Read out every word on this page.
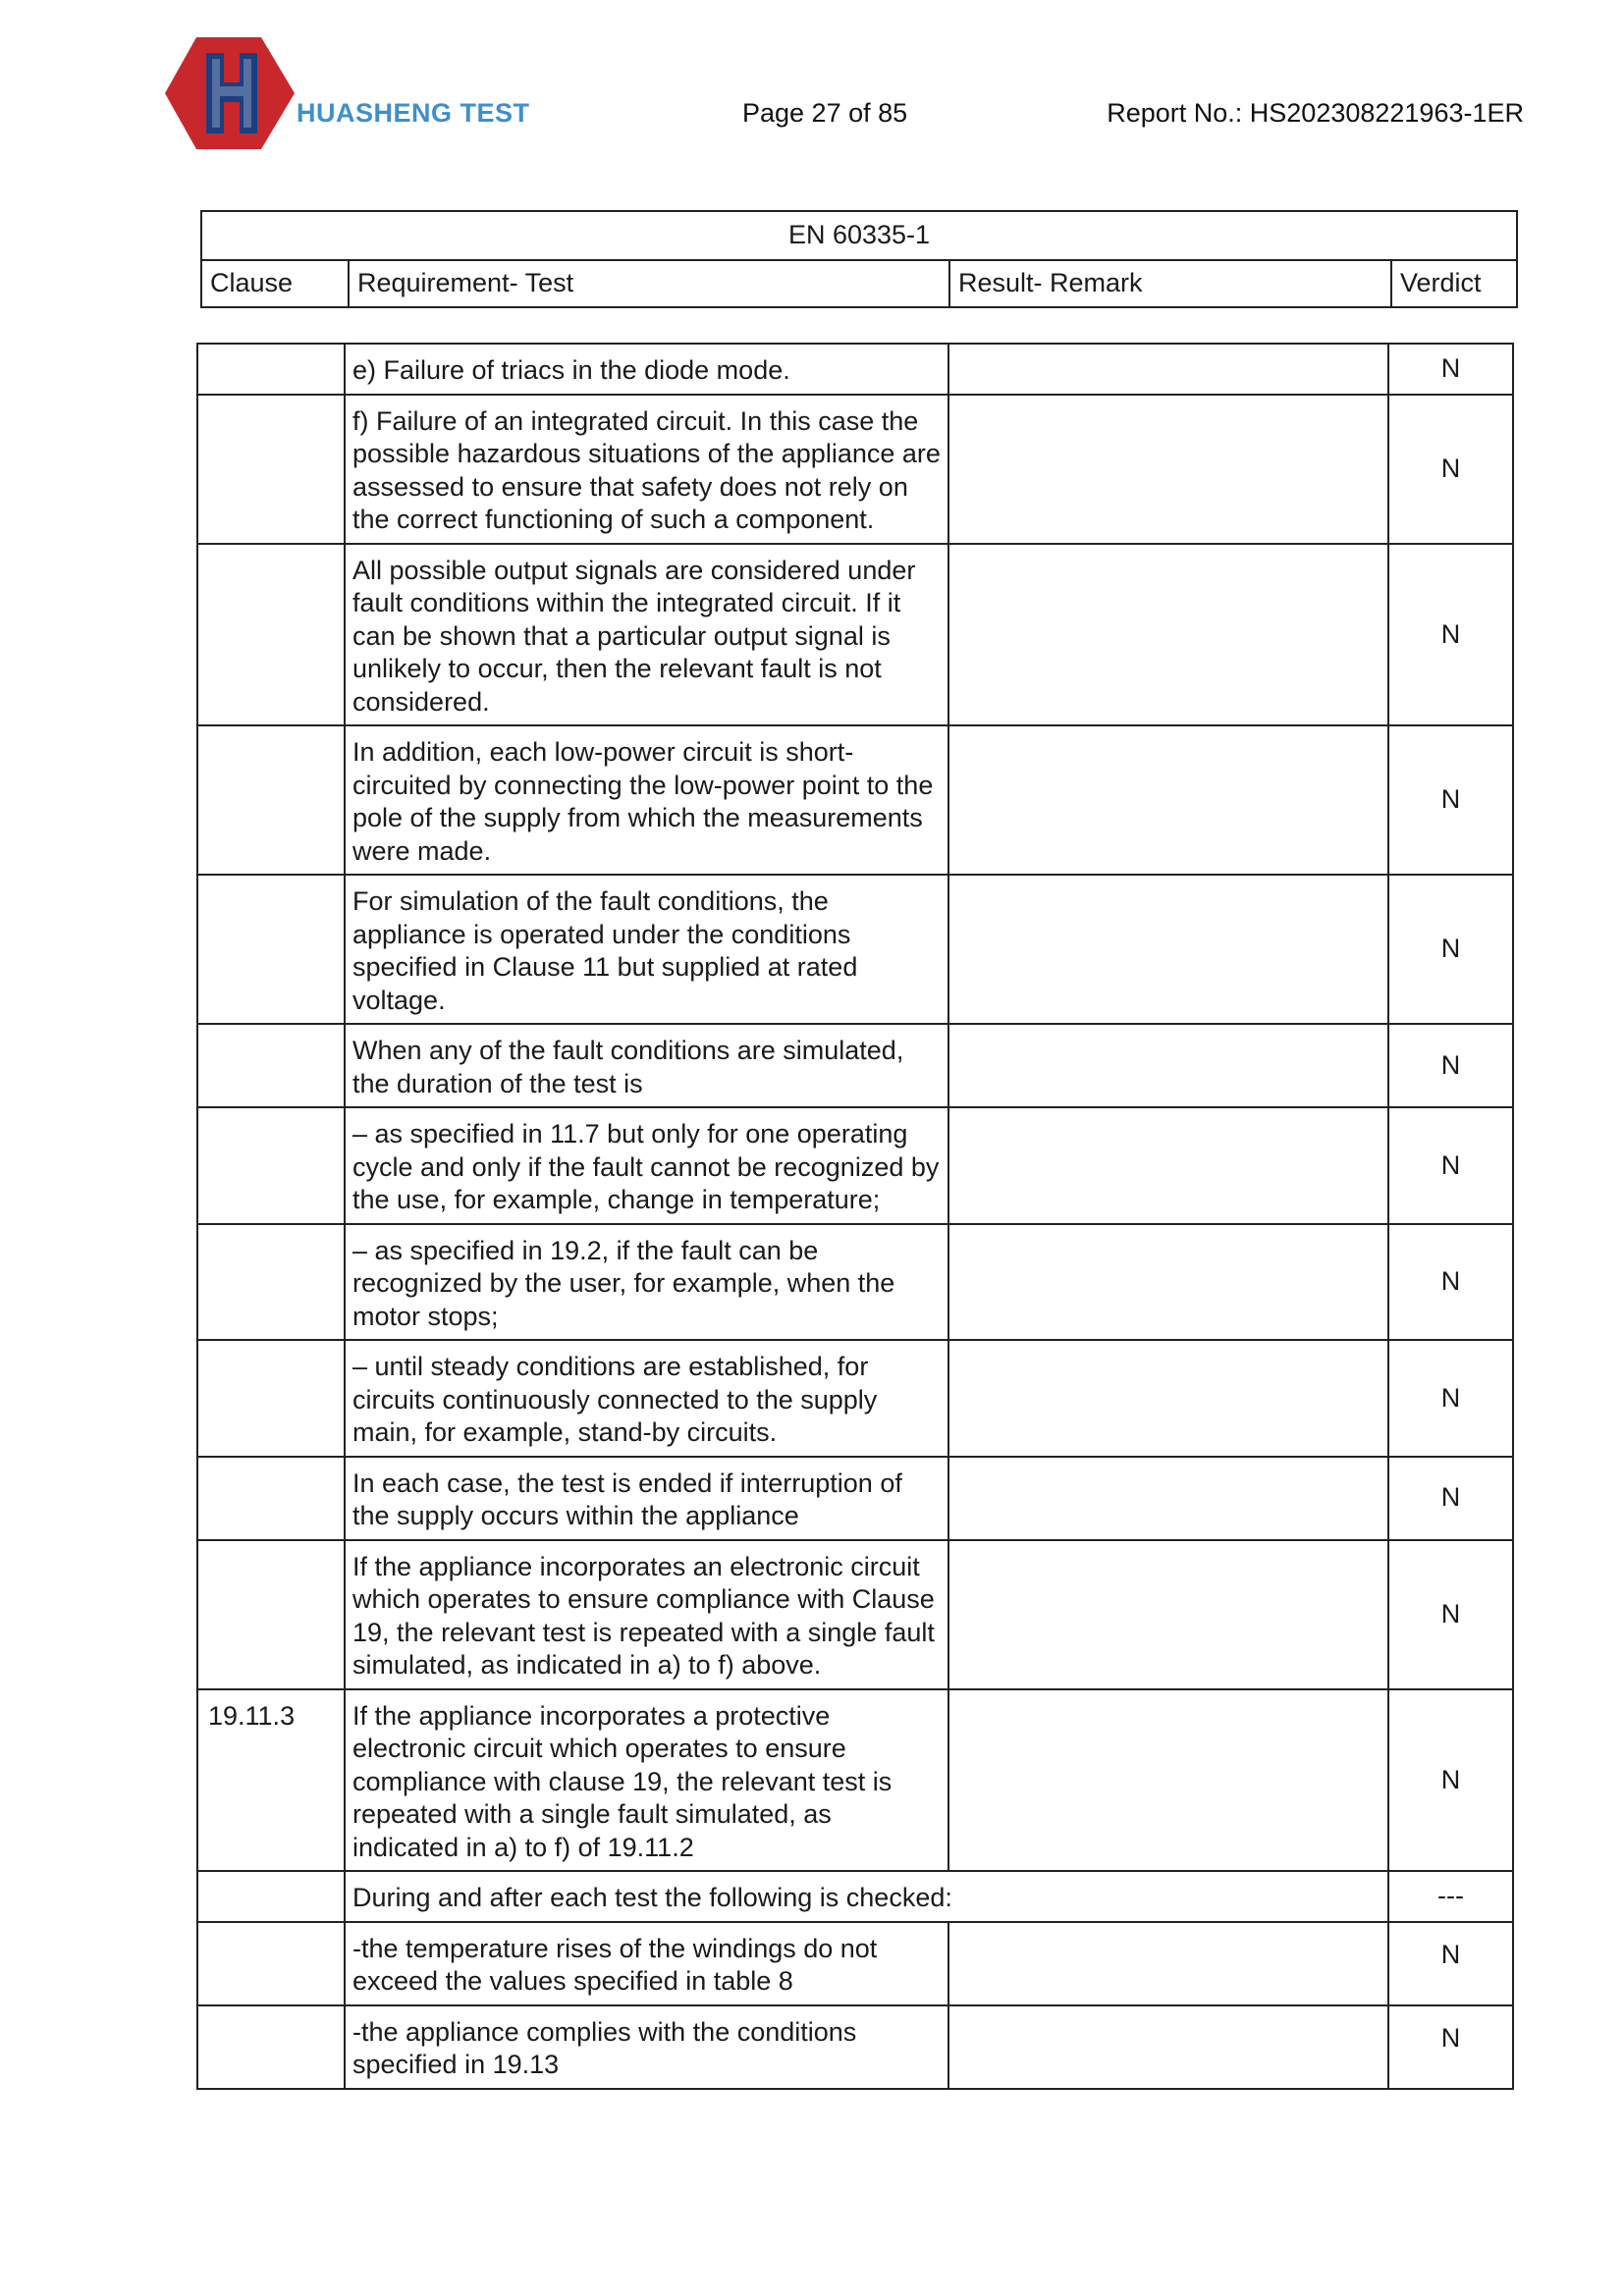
HUASHENG TEST	Page 27 of 85	Report No.: HS202308221963-1ER
EN 60335-1
Clause	Requirement- Test	Result- Remark	Verdict
	e) Failure of triacs in the diode mode.		N
	f) Failure of an integrated circuit. In this case the possible hazardous situations of the appliance are assessed to ensure that safety does not rely on the correct functioning of such a component.		N
	All possible output signals are considered under fault conditions within the integrated circuit. If it can be shown that a particular output signal is unlikely to occur, then the relevant fault is not considered.		N
	In addition, each low-power circuit is short-circuited by connecting the low-power point to the pole of the supply from which the measurements were made.		N
	For simulation of the fault conditions, the appliance is operated under the conditions specified in Clause 11 but supplied at rated voltage.		N
	When any of the fault conditions are simulated, the duration of the test is		N
	– as specified in 11.7 but only for one operating cycle and only if the fault cannot be recognized by the use, for example, change in temperature;		N
	– as specified in 19.2, if the fault can be recognized by the user, for example, when the motor stops;		N
	– until steady conditions are established, for circuits continuously connected to the supply main, for example, stand-by circuits.		N
	In each case, the test is ended if interruption of the supply occurs within the appliance		N
	If the appliance incorporates an electronic circuit which operates to ensure compliance with Clause 19, the relevant test is repeated with a single fault simulated, as indicated in a) to f) above.		N
19.11.3	If the appliance incorporates a protective electronic circuit which operates to ensure compliance with clause 19, the relevant test is repeated with a single fault simulated, as indicated in a) to f) of 19.11.2		N
	During and after each test the following is checked:		---
	-the temperature rises of the windings do not exceed the values specified in table 8		N
	-the appliance complies with the conditions specified in 19.13		N
